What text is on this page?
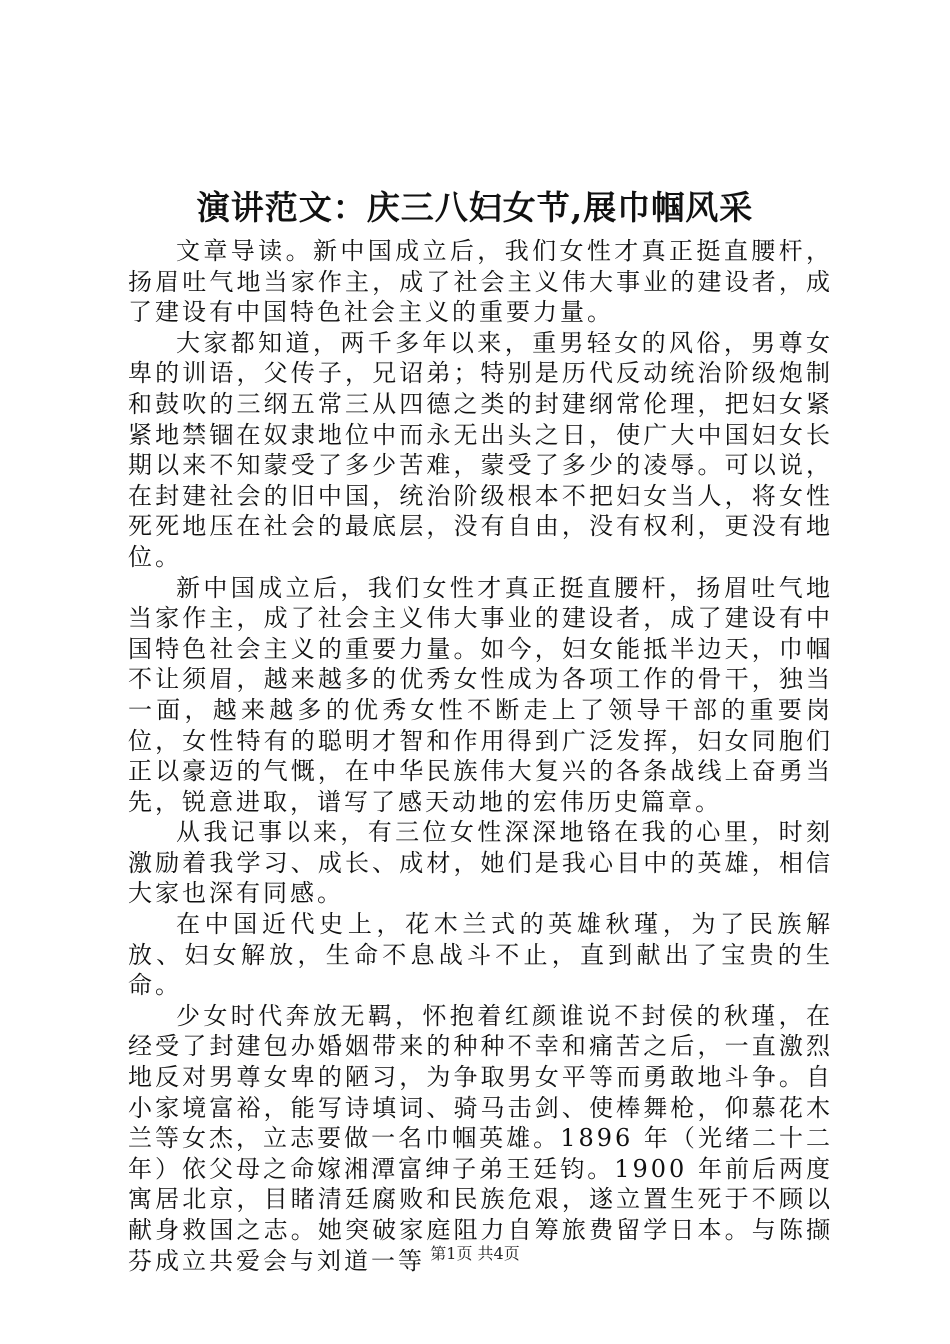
演讲范文：庆三八妇女节,展巾帼风采

文章导读。新中国成立后，我们女性才真正挺直腰杆，扬眉吐气地当家作主，成了社会主义伟大事业的建设者，成了建设有中国特色社会主义的重要力量。

大家都知道，两千多年以来，重男轻女的风俗，男尊女卑的训语，父传子，兄诏弟；特别是历代反动统治阶级炮制和鼓吹的三纲五常三从四德之类的封建纲常伦理，把妇女紧紧地禁锢在奴隶地位中而永无出头之日，使广大中国妇女长期以来不知蒙受了多少苦难，蒙受了多少的凌辱。可以说，在封建社会的旧中国，统治阶级根本不把妇女当人，将女性死死地压在社会的最底层，没有自由，没有权利，更没有地位。

新中国成立后，我们女性才真正挺直腰杆，扬眉吐气地当家作主，成了社会主义伟大事业的建设者，成了建设有中国特色社会主义的重要力量。如今，妇女能抵半边天，巾帼不让须眉，越来越多的优秀女性成为各项工作的骨干，独当一面，越来越多的优秀女性不断走上了领导干部的重要岗位，女性特有的聪明才智和作用得到广泛发挥，妇女同胞们正以豪迈的气慨，在中华民族伟大复兴的各条战线上奋勇当先，锐意进取，谱写了感天动地的宏伟历史篇章。

从我记事以来，有三位女性深深地铬在我的心里，时刻激励着我学习、成长、成材，她们是我心目中的英雄，相信大家也深有同感。

在中国近代史上，花木兰式的英雄秋瑾，为了民族解放、妇女解放，生命不息战斗不止，直到献出了宝贵的生命。

少女时代奔放无羁，怀抱着红颜谁说不封侯的秋瑾，在经受了封建包办婚姻带来的种种不幸和痛苦之后，一直激烈地反对男尊女卑的陋习，为争取男女平等而勇敢地斗争。自小家境富裕，能写诗填词、骑马击剑、使棒舞枪，仰慕花木兰等女杰，立志要做一名巾帼英雄。1896 年（光绪二十二年）依父母之命嫁湘潭富绅子弟王廷钧。1900 年前后两度寓居北京，目睹清廷腐败和民族危艰，遂立置生死于不顾以献身救国之志。她突破家庭阻力自筹旅费留学日本。与陈撷芬成立共爱会与刘道一等 第1页 共4页
